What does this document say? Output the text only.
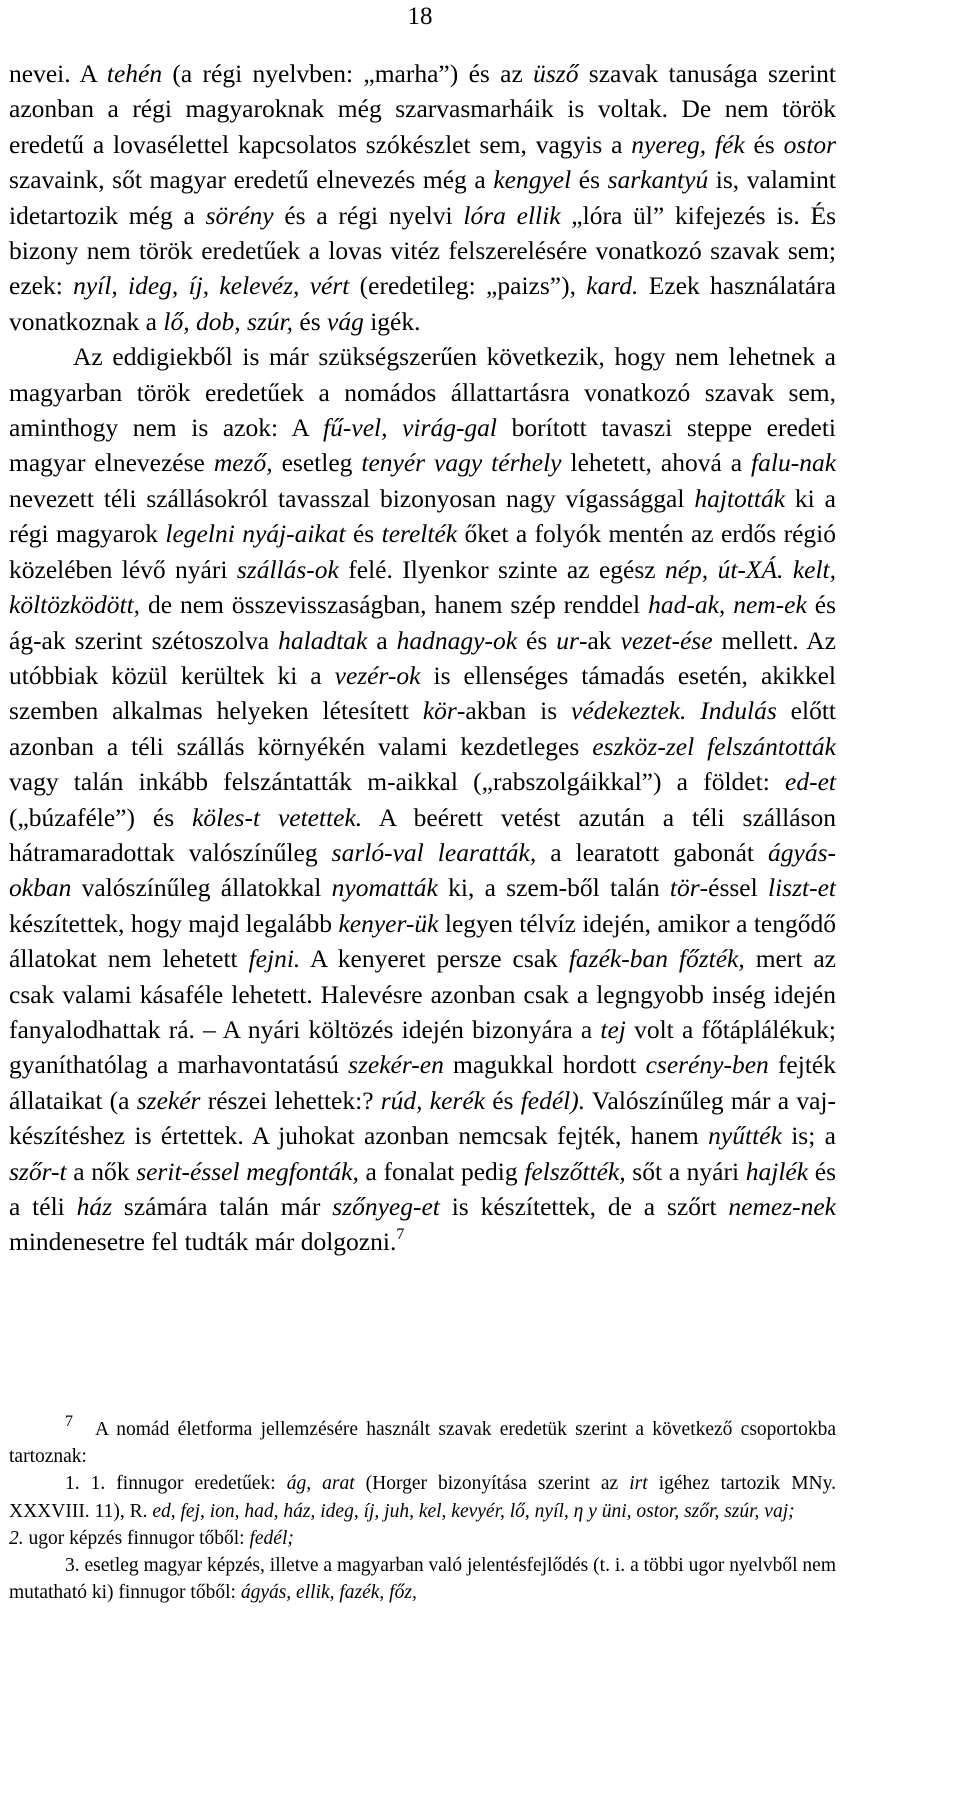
18

nevei. A tehén (a régi nyelvben: „marha”) és az üsző szavak tanusága szerint azonban a régi magyaroknak még szarvasmarháik is voltak. De nem török eredetű a lovasélettel kapcsolatos szókészlet sem, vagyis a nyereg, fék és ostor szavaink, sőt magyar eredetű elnevezés még a kengyel és sarkantyú is, valamint idetartozik még a sörény és a régi nyelvi lóra ellik „lóra ül” kifejezés is. És bizony nem török eredetűek a lovas vitéz felszerelésére vonatkozó szavak sem; ezek: nyíl, ideg, íj, kelevéz, vért (eredetileg: „paizs”), kard. Ezek használatára vonatkoznak a lő, dob, szúr, és vág igék.

Az eddigiekből is már szükségszerűen következik, hogy nem lehetnek a magyarban török eredetűek a nomádos állattartásra vonatkozó szavak sem, aminthogy nem is azok: A fű-vel, virág-gal borított tavaszi steppe eredeti magyar elnevezése mező, esetleg tenyér vagy térhely lehetett, ahová a falu-nak nevezett téli szállásokról tavasszal bizonyosan nagy vígassággal hajtották ki a régi magyarok legelni nyáj-aikat és terelték őket a folyók mentén az erdős régió közelében lévő nyári szállás-ok felé. Ilyenkor szinte az egész nép, út-XÁ. kelt, költözködött, de nem összevisszaságban, hanem szép renddel had-ak, nem-ek és ág-ak szerint szétoszolva haladtak a hadnagy-ok és ur-ak vezet-ése mellett. Az utóbbiak közül kerültek ki a vezér-ok is ellenséges támadás esetén, akikkel szemben alkalmas helyeken létesített kör-akban is védekeztek. Indulás előtt azonban a téli szállás környékén valami kezdetleges eszköz-zel felszántották vagy talán inkább felszántatták m-aikkal („rabszolgáikkal”) a földet: ed-et („búzaféle”) és köles-t vetettek. A beérett vetést azután a téli szálláson hátramaradottak valószínűleg sarló-val learatták, a learatott gabonát ágyás-okban valószínűleg állatokkal nyomatták ki, a szem-ből talán tör-éssel liszt-et készítettek, hogy majd legalább kenyer-ük legyen télvíz idején, amikor a tengődő állatokat nem lehetett fejni. A kenyeret persze csak fazék-ban főzték, mert az csak valami kásaféle lehetett. Halevésre azonban csak a legngyobb inség idején fanyalodhattak rá. – A nyári költözés idején bizonyára a tej volt a főtáplálékuk; gyaníthatólag a marhavontatású szekér-en magukkal hordott cserény-ben fejték állataikat (a szekér részei lehettek:? rúd, kerék és fedél). Valószínűleg már a vaj-készítéshez is értettek. A juhokat azonban nemcsak fejték, hanem nyűtték is; a szőr-t a nők serit-éssel megfonták, a fonalat pedig felszőtték, sőt a nyári hajlék és a téli ház számára talán már szőnyeg-et is készítettek, de a szőrt nemez-nek mindenesetre fel tudták már dolgozni.$^7$

$^7$ A nomád életforma jellemzésére használt szavak eredetük szerint a következő csoportokba tartoznak:

1. 1. finnugor eredetűek: ág, arat (Horger bizonyítása szerint az irt igéhez tartozik MNy. XXXVIII. 11), R. ed, fej, ion, had, ház, ideg, íj, juh, kel, kevyér, lő, nyíl, η y üni, ostor, szőr, szúr, vaj;

2. ugor képzés finnugor tőből: fedél;

3. esetleg magyar képzés, illetve a magyarban való jelentésfejlődés (t. i. a többi ugor nyelvből nem mutatható ki) finnugor tőből: ágyás, ellik, fazék, főz,
